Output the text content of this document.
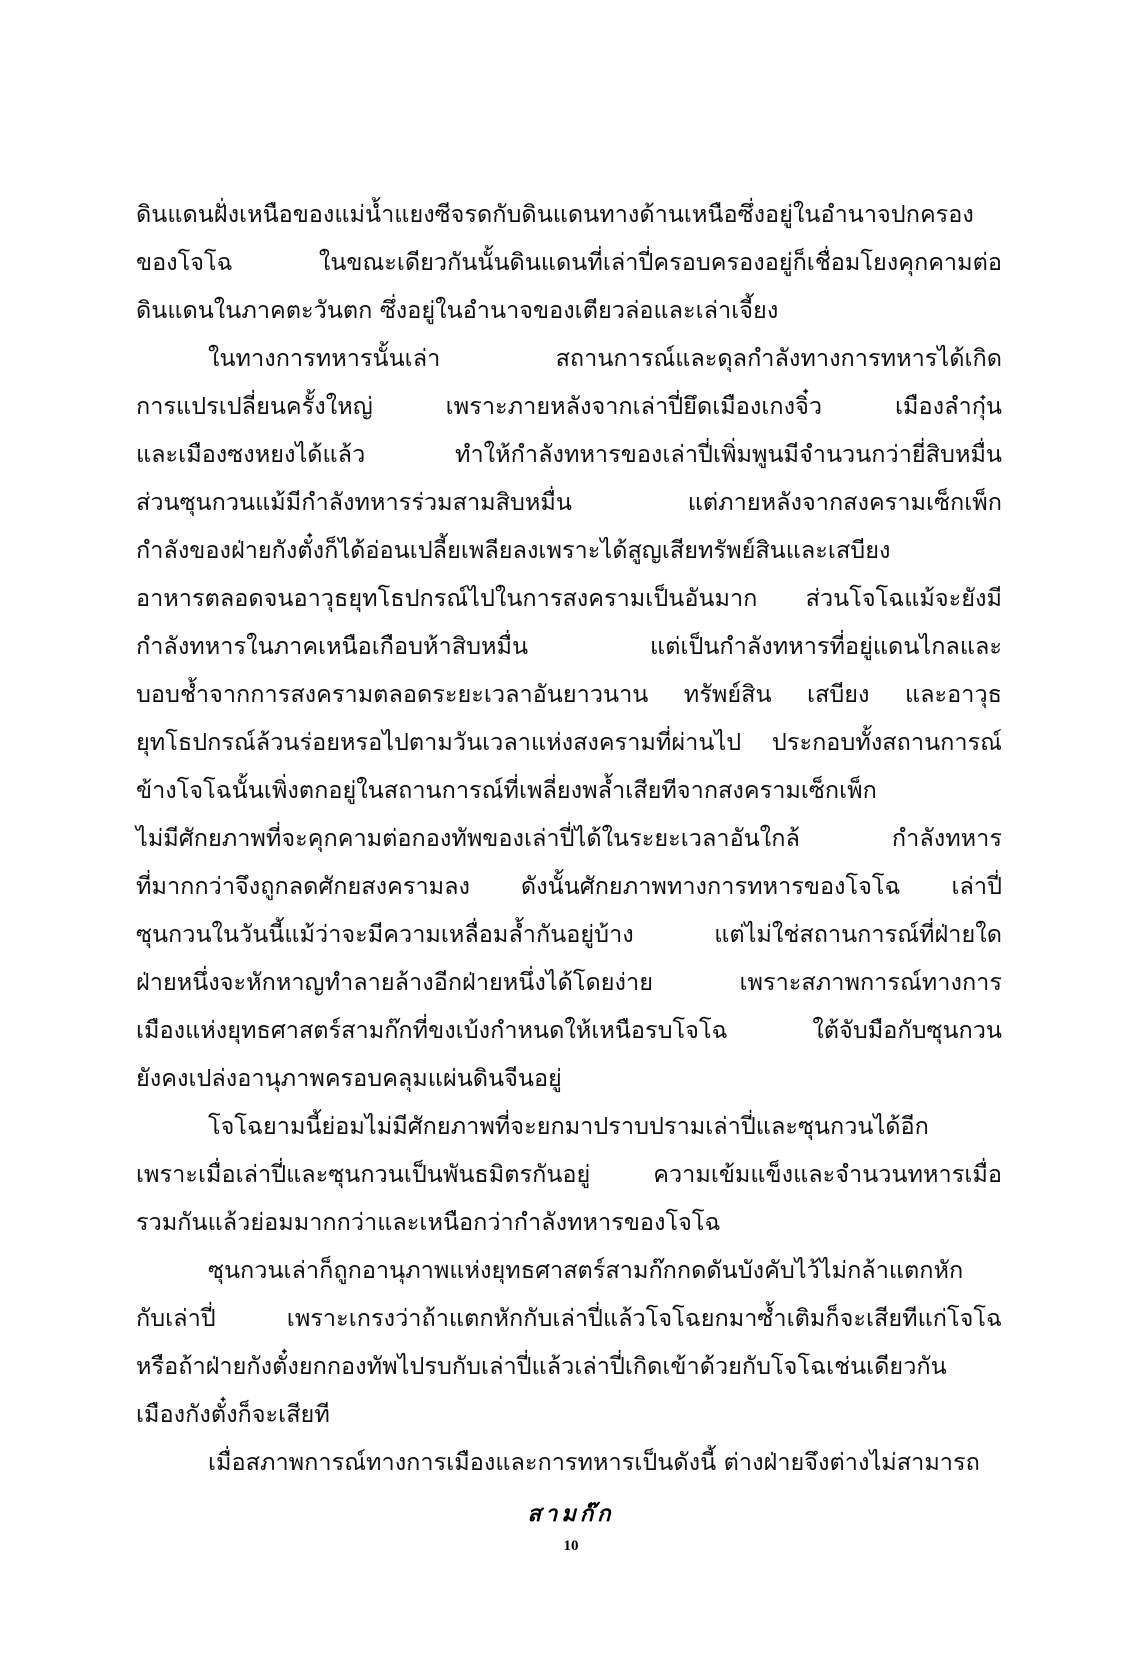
ดินแดนฝั่งเหนือของแม่น้ำแยงซีจรดกับดินแดนทางด้านเหนือซึ่งอยู่ในอำนาจปกครอง
ของโจโฉ ในขณะเดียวกันนั้นดินแดนที่เล่าปี่ครอบครองอยู่ก็เชื่อมโยงคุกคามต่อ
ดินแดนในภาคตะวันตก ซึ่งอยู่ในอำนาจของเตียวล่อและเล่าเจี้ยง
ในทางการทหารนั้นเล่า สถานการณ์และดุลกำลังทางการทหารได้เกิด
การแปรเปลี่ยนครั้งใหญ่ เพราะภายหลังจากเล่าปี่ยึดเมืองเกงจิ๋ว เมืองลำกุ๋น
และเมืองซงหยงได้แล้ว ทำให้กำลังทหารของเล่าปี่เพิ่มพูนมีจำนวนกว่ายี่สิบหมื่น
ส่วนซุนกวนแม้มีกำลังทหารร่วมสามสิบหมื่น แต่ภายหลังจากสงครามเซ็กเพ็ก
กำลังของฝ่ายกังตั๋งก็ได้อ่อนเปลี้ยเพลียลงเพราะได้สูญเสียทรัพย์สินและเสบียง
อาหารตลอดจนอาวุธยุทโธปกรณ์ไปในการสงครามเป็นอันมาก ส่วนโจโฉแม้จะยังมี
กำลังทหารในภาคเหนือเกือบห้าสิบหมื่น แต่เป็นกำลังทหารที่อยู่แดนไกลและ
บอบช้ำจากการสงครามตลอดระยะเวลาอันยาวนาน ทรัพย์สิน เสบียง และอาวุธ
ยุทโธปกรณ์ล้วนร่อยหรอไปตามวันเวลาแห่งสงครามที่ผ่านไป ประกอบทั้งสถานการณ์
ข้างโจโฉนั้นเพิ่งตกอยู่ในสถานการณ์ที่เพลี่ยงพล้ำเสียทีจากสงครามเซ็กเพ็ก
ไม่มีศักยภาพที่จะคุกคามต่อกองทัพของเล่าปี่ได้ในระยะเวลาอันใกล้ กำลังทหาร
ที่มากกว่าจึงถูกลดศักยสงครามลง ดังนั้นศักยภาพทางการทหารของโจโฉ เล่าปี่
ซุนกวนในวันนี้แม้ว่าจะมีความเหลื่อมล้ำกันอยู่บ้าง แต่ไม่ใช่สถานการณ์ที่ฝ่ายใด
ฝ่ายหนึ่งจะหักหาญทำลายล้างอีกฝ่ายหนึ่งได้โดยง่าย เพราะสภาพการณ์ทางการ
เมืองแห่งยุทธศาสตร์สามก๊กที่ขงเบ้งกำหนดให้เหนือรบโจโฉ ใต้จับมือกับซุนกวน
ยังคงเปล่งอานุภาพครอบคลุมแผ่นดินจีนอยู่
โจโฉยามนี้ย่อมไม่มีศักยภาพที่จะยกมาปราบปรามเล่าปี่และซุนกวนได้อีก
เพราะเมื่อเล่าปี่และซุนกวนเป็นพันธมิตรกันอยู่ ความเข้มแข็งและจำนวนทหารเมื่อ
รวมกันแล้วย่อมมากกว่าและเหนือกว่ากำลังทหารของโจโฉ
ซุนกวนเล่าก็ถูกอานุภาพแห่งยุทธศาสตร์สามก๊กกดดันบังคับไว้ไม่กล้าแตกหัก
กับเล่าปี่ เพราะเกรงว่าถ้าแตกหักกับเล่าปี่แล้วโจโฉยกมาซ้ำเติมก็จะเสียทีแก่โจโฉ
หรือถ้าฝ่ายกังตั๋งยกกองทัพไปรบกับเล่าปี่แล้วเล่าปี่เกิดเข้าด้วยกับโจโฉเช่นเดียวกัน
เมืองกังตั๋งก็จะเสียที
เมื่อสภาพการณ์ทางการเมืองและการทหารเป็นดังนี้ ต่างฝ่ายจึงต่างไม่สามารถ
สามก๊ก
10
